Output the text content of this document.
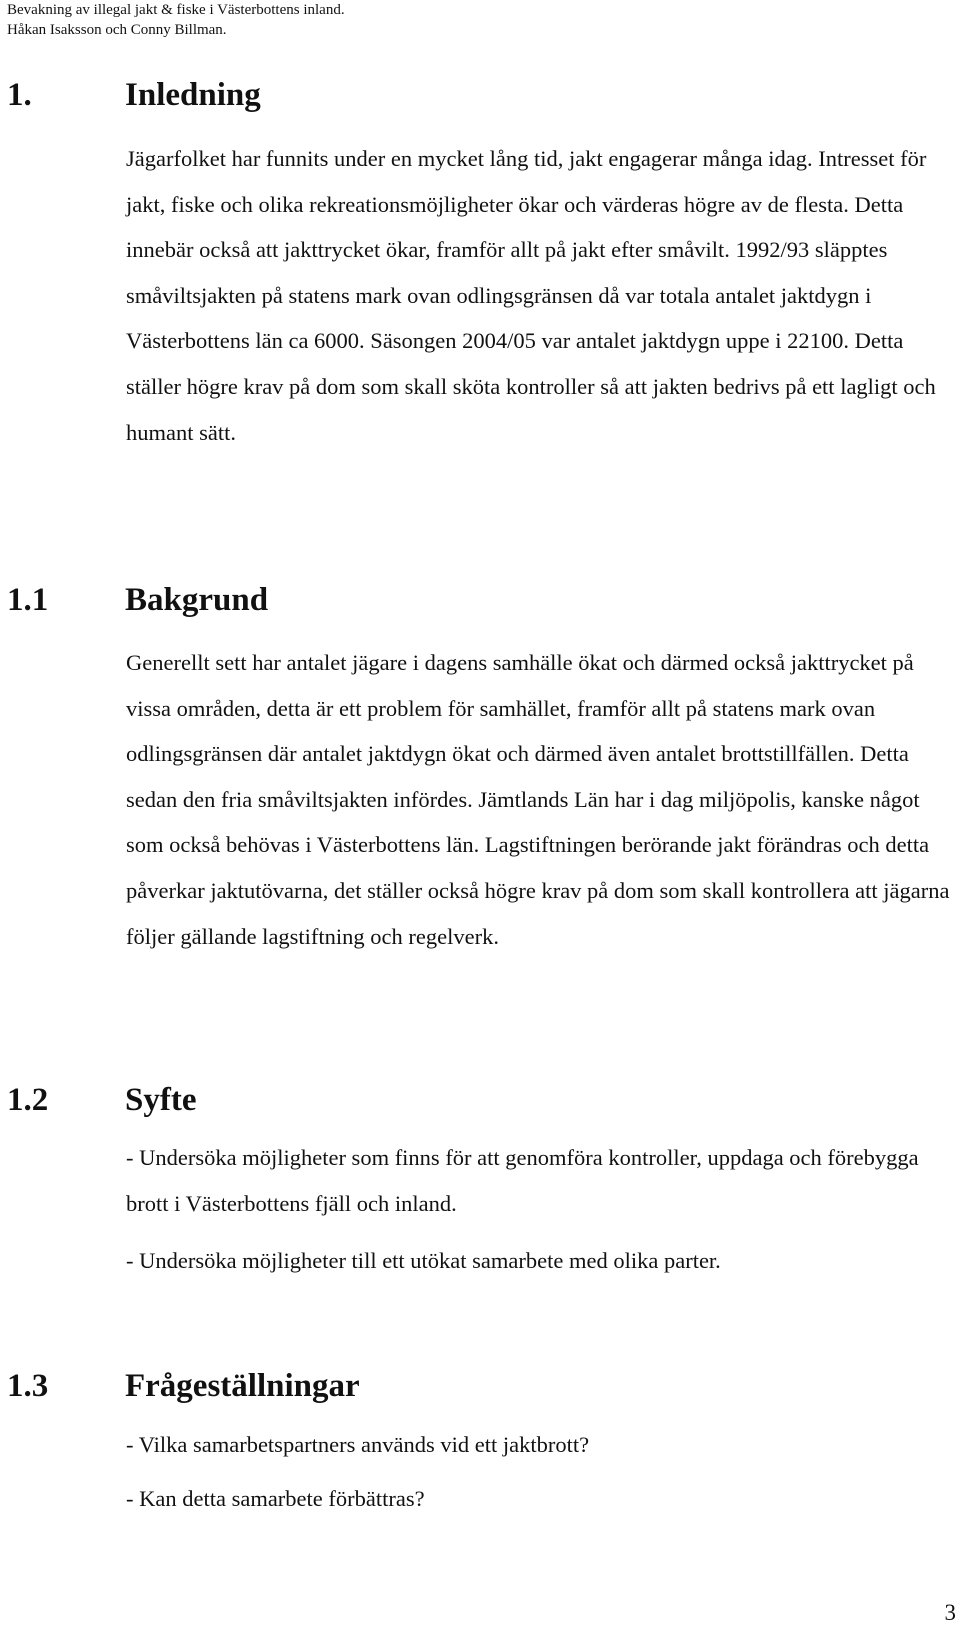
Bevakning av illegal jakt & fiske i Västerbottens inland.
Håkan Isaksson och Conny Billman.
1.	Inledning

Jägarfolket har funnits under en mycket lång tid, jakt engagerar många idag. Intresset för jakt, fiske och olika rekreationsmöjligheter ökar och värderas högre av de flesta. Detta innebär också att jakttrycket ökar, framför allt på jakt efter småvilt. 1992/93 släpptes småviltsjakten på statens mark ovan odlingsgränsen då var totala antalet jaktdygn i Västerbottens län ca 6000. Säsongen 2004/05 var antalet jaktdygn uppe i 22100. Detta ställer högre krav på dom som skall sköta kontroller så att jakten bedrivs på ett lagligt och humant sätt.

1.1 Bakgrund

Generellt sett har antalet jägare i dagens samhälle ökat och därmed också jakttrycket på vissa områden, detta är ett problem för samhället, framför allt på statens mark ovan odlingsgränsen där antalet jaktdygn ökat och därmed även antalet brottstillfällen. Detta sedan den fria småviltsjakten infördes. Jämtlands Län har i dag miljöpolis, kanske något som också behövas i Västerbottens län. Lagstiftningen berörande jakt förändras och detta påverkar jaktutövarna, det ställer också högre krav på dom som skall kontrollera att jägarna följer gällande lagstiftning och regelverk.

1.2 Syfte

- Undersöka möjligheter som finns för att genomföra kontroller, uppdaga och förebygga brott i Västerbottens fjäll och inland.

- Undersöka möjligheter till ett utökat samarbete med olika parter.

1.3 Frågeställningar

- Vilka samarbetspartners används vid ett jaktbrott?

- Kan detta samarbete förbättras?

3
